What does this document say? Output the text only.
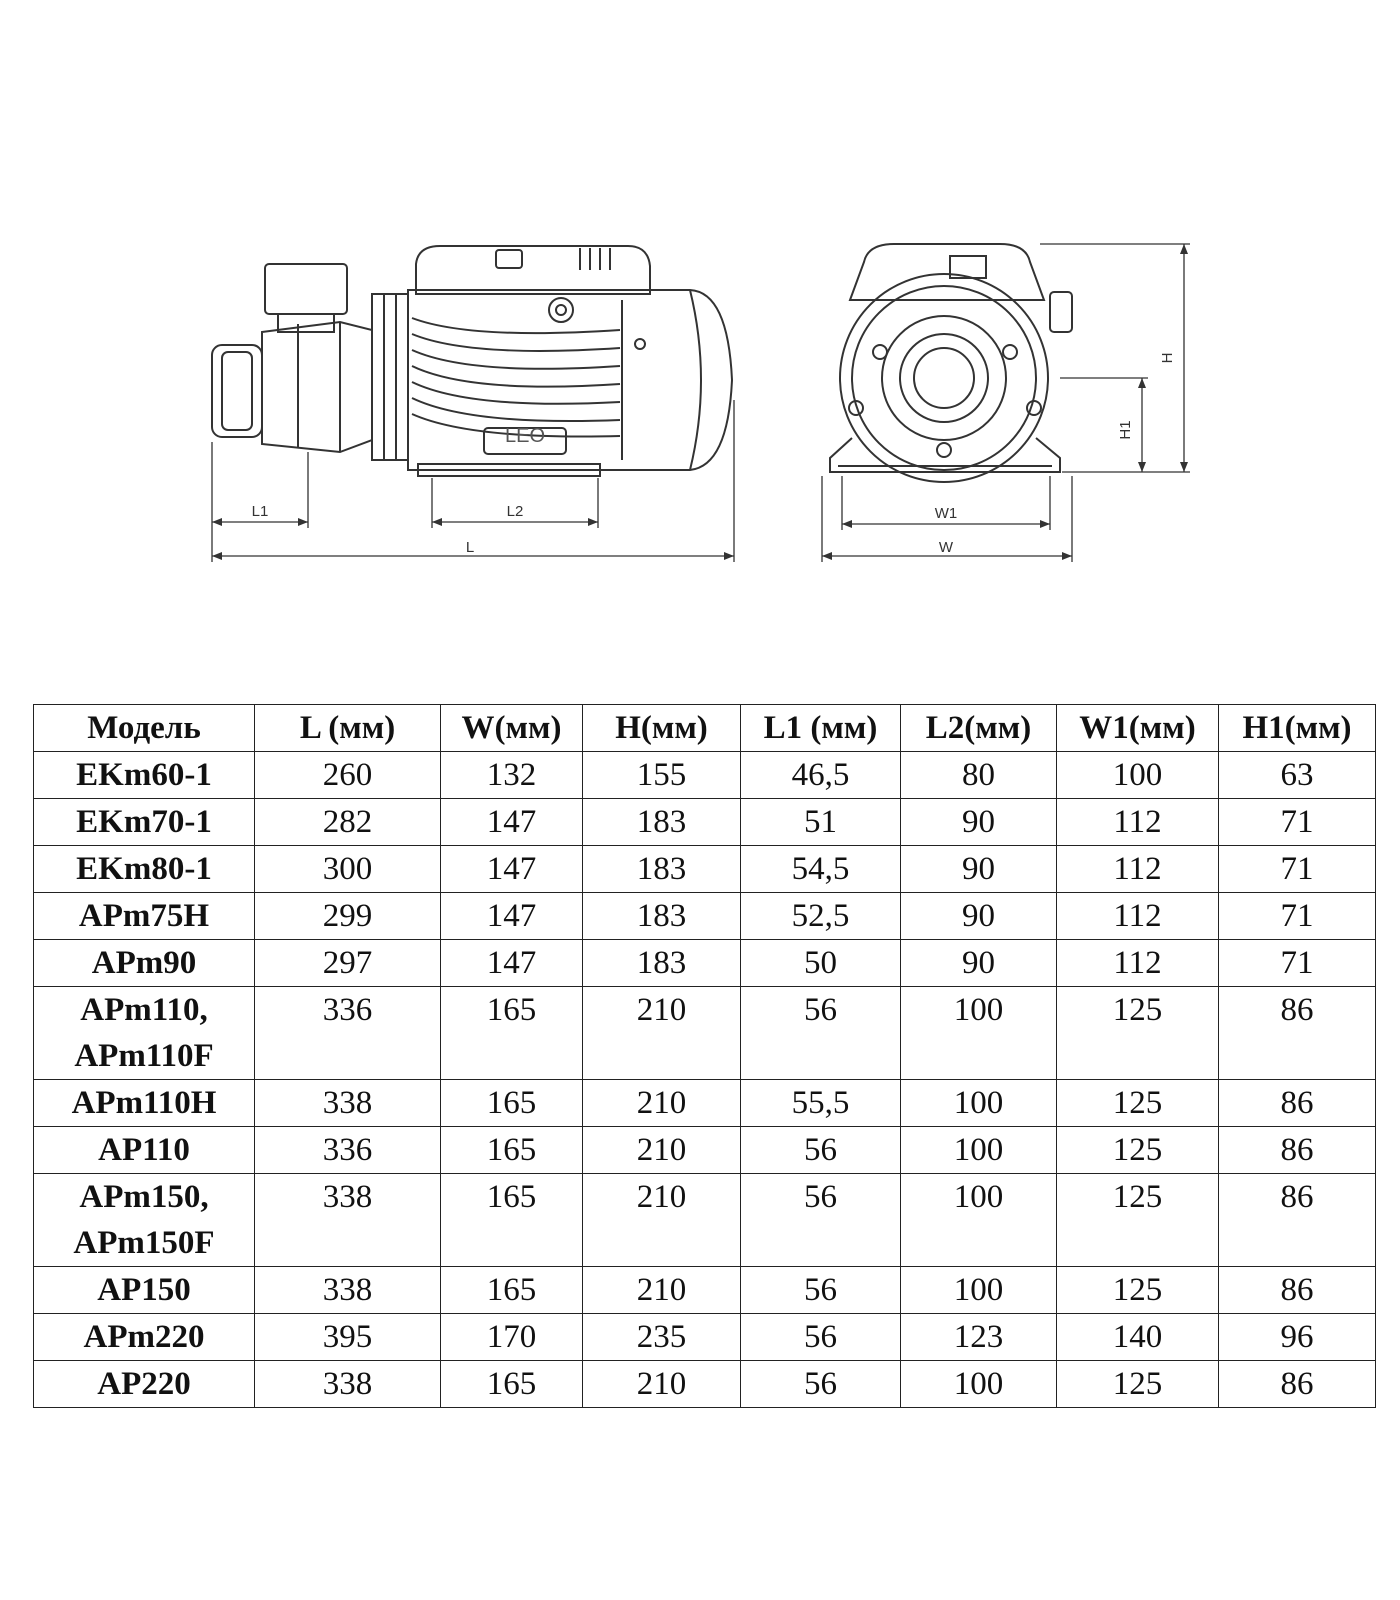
LEO
L1	L2
L
W1
W
H1
H
Модель	L (мм)	W(мм)	H(мм)	L1 (мм)	L2(мм)	W1(мм)	H1(мм)

EKm60-1	260	132	155	46,5	80	100	63

EKm70-1	282	147	183	51	90	112	71

EKm80-1	300	147	183	54,5	90	112	71

APm75H	299	147	183	52,5	90	112	71

APm90	297	147	183	50	90	112	71

APm110,
APm110F	336	165	210	56	100	125	86

APm110H	338	165	210	55,5	100	125	86

AP110	336	165	210	56	100	125	86

APm150,
APm150F	338	165	210	56	100	125	86

AP150	338	165	210	56	100	125	86

APm220	395	170	235	56	123	140	96

AP220	338	165	210	56	100	125	86
